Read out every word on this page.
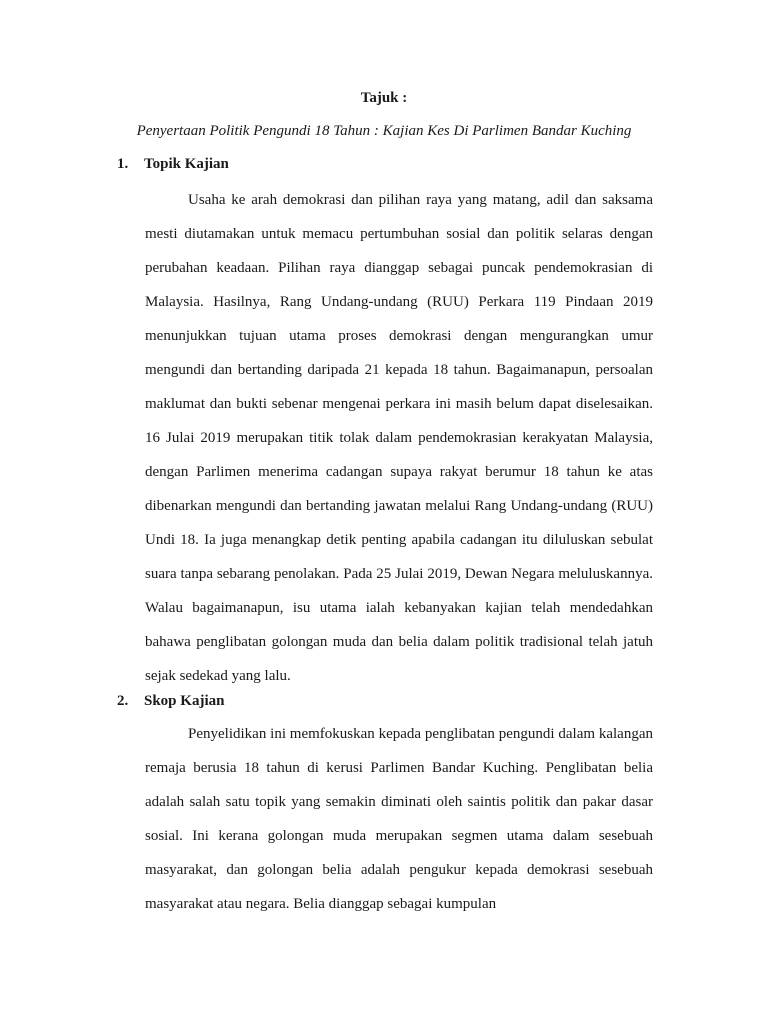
Tajuk :
Penyertaan Politik Pengundi 18 Tahun : Kajian Kes Di Parlimen Bandar Kuching
1. Topik Kajian

Usaha ke arah demokrasi dan pilihan raya yang matang, adil dan saksama mesti diutamakan untuk memacu pertumbuhan sosial dan politik selaras dengan perubahan keadaan. Pilihan raya dianggap sebagai puncak pendemokrasian di Malaysia. Hasilnya, Rang Undang-undang (RUU) Perkara 119 Pindaan 2019 menunjukkan tujuan utama proses demokrasi dengan mengurangkan umur mengundi dan bertanding daripada 21 kepada 18 tahun. Bagaimanapun, persoalan maklumat dan bukti sebenar mengenai perkara ini masih belum dapat diselesaikan. 16 Julai 2019 merupakan titik tolak dalam pendemokrasian kerakyatan Malaysia, dengan Parlimen menerima cadangan supaya rakyat berumur 18 tahun ke atas dibenarkan mengundi dan bertanding jawatan melalui Rang Undang-undang (RUU) Undi 18. Ia juga menangkap detik penting apabila cadangan itu diluluskan sebulat suara tanpa sebarang penolakan. Pada 25 Julai 2019, Dewan Negara meluluskannya. Walau bagaimanapun, isu utama ialah kebanyakan kajian telah mendedahkan bahawa penglibatan golongan muda dan belia dalam politik tradisional telah jatuh sejak sedekad yang lalu.

2. Skop Kajian

Penyelidikan ini memfokuskan kepada penglibatan pengundi dalam kalangan remaja berusia 18 tahun di kerusi Parlimen Bandar Kuching. Penglibatan belia adalah salah satu topik yang semakin diminati oleh saintis politik dan pakar dasar sosial. Ini kerana golongan muda merupakan segmen utama dalam sesebuah masyarakat, dan golongan belia adalah pengukur kepada demokrasi sesebuah masyarakat atau negara. Belia dianggap sebagai kumpulan
